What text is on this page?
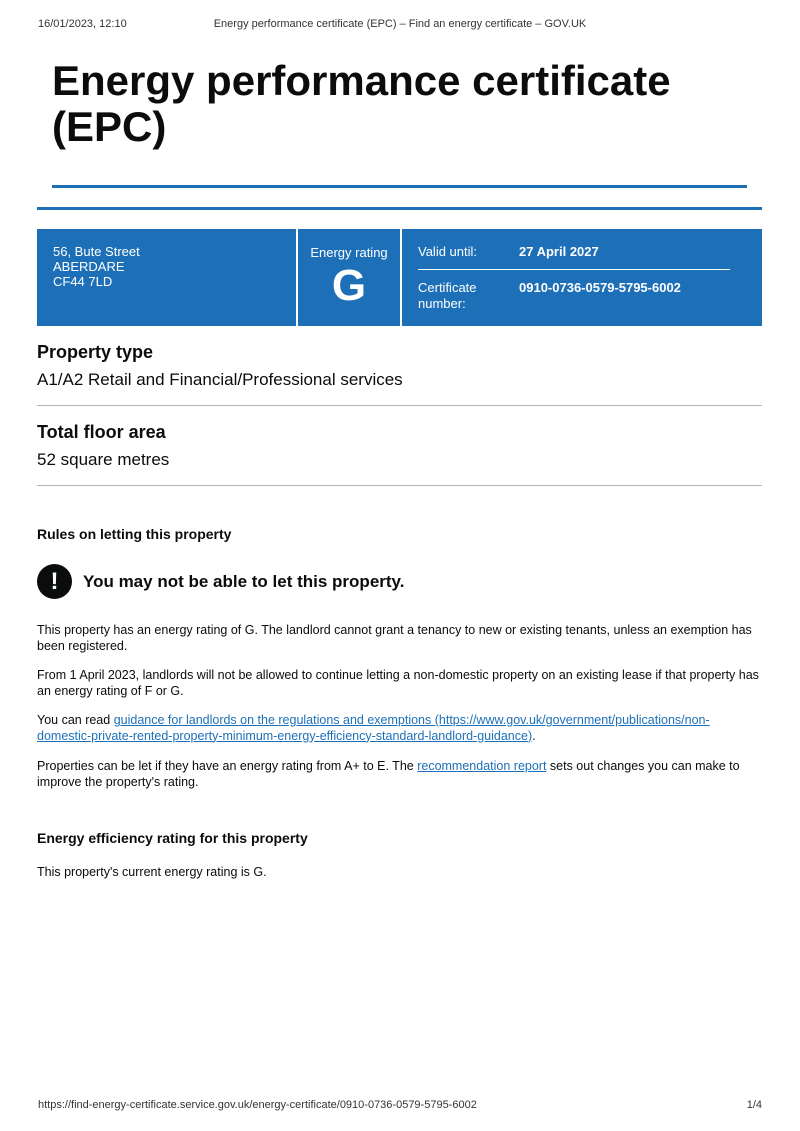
16/01/2023, 12:10	Energy performance certificate (EPC) – Find an energy certificate – GOV.UK
Energy performance certificate (EPC)
56, Bute Street
ABERDARE
CF44 7LD
Energy rating
G
Valid until:	27 April 2027
Certificate number:
0910-0736-0579-5795-6002
Property type

A1/A2 Retail and Financial/Professional services

Total floor area

52 square metres

Rules on letting this property
!	You may not be able to let this property.

This property has an energy rating of G. The landlord cannot grant a tenancy to new or existing tenants, unless an exemption has been registered.

From 1 April 2023, landlords will not be allowed to continue letting a non-domestic property on an existing lease if that property has an energy rating of F or G.

You can read guidance for landlords on the regulations and exemptions (https://www.gov.uk/government/publications/non-domestic-private-rented-property-minimum-energy-efficiency-standard-landlord-guidance).

Properties can be let if they have an energy rating from A+ to E. The recommendation report sets out changes you can make to improve the property's rating.

Energy efficiency rating for this property

This property's current energy rating is G.

https://find-energy-certificate.service.gov.uk/energy-certificate/0910-0736-0579-5795-6002	1/4
